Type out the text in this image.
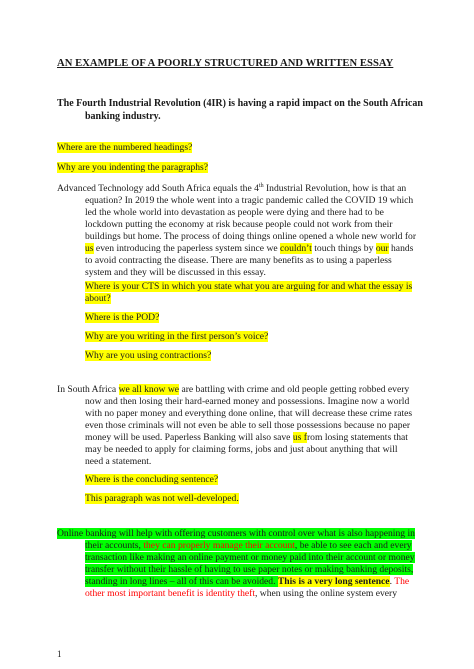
AN EXAMPLE OF A POORLY STRUCTURED AND WRITTEN ESSAY
The Fourth Industrial Revolution (4IR) is having a rapid impact on the South African
banking industry.
Where are the numbered headings?
Why are you indenting the paragraphs?
Advanced Technology add South Africa equals the 4th Industrial Revolution, how is that an
equation? In 2019 the whole went into a tragic pandemic called the COVID 19 which
led the whole world into devastation as people were dying and there had to be
lockdown putting the economy at risk because people could not work from their
buildings but home. The process of doing things online opened a whole new world for
us even introducing the paperless system since we couldn’t touch things by our hands
to avoid contracting the disease. There are many benefits as to using a paperless
system and they will be discussed in this essay.
Where is your CTS in which you state what you are arguing for and what the essay is
about?
Where is the POD?
Why are you writing in the first person’s voice?
Why are you using contractions?
In South Africa we all know we are battling with crime and old people getting robbed every
now and then losing their hard-earned money and possessions. Imagine now a world
with no paper money and everything done online, that will decrease these crime rates
even those criminals will not even be able to sell those possessions because no paper
money will be used. Paperless Banking will also save us from losing statements that
may be needed to apply for claiming forms, jobs and just about anything that will
need a statement.
Where is the concluding sentence?
This paragraph was not well-developed.
Online banking will help with offering customers with control over what is also happening in
their accounts, they can properly manage their account, be able to see each and every
transaction like making an online payment or money paid into their account or money
transfer without their hassle of having to use paper notes or making banking deposits,
standing in long lines – all of this can be avoided. This is a very long sentence. The
other most important benefit is identity theft, when using the online system every
1
